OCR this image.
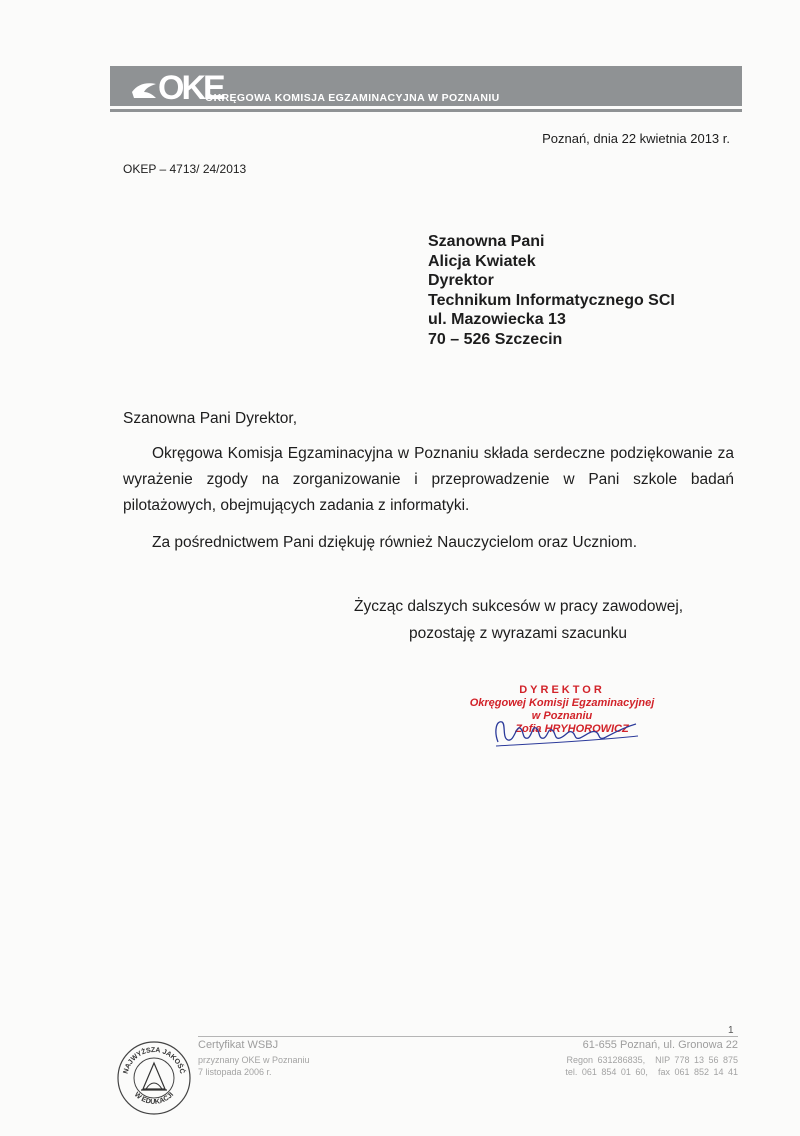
OKE
OKRĘGOWA KOMISJA EGZAMINACYJNA W POZNANIU
Poznań, dnia 22 kwietnia 2013 r.
OKEP – 4713/ 24/2013
Szanowna Pani
Alicja Kwiatek
Dyrektor
Technikum Informatycznego SCI
ul. Mazowiecka 13
70 – 526 Szczecin
Szanowna Pani Dyrektor,
Okręgowa Komisja Egzaminacyjna w Poznaniu składa serdeczne podziękowanie za wyrażenie zgody na zorganizowanie i przeprowadzenie w Pani szkole badań pilotażowych, obejmujących zadania z informatyki.
Za pośrednictwem Pani dziękuję również Nauczycielom oraz Uczniom.
Życząc dalszych sukcesów w pracy zawodowej,
pozostaję z wyrazami szacunku
DYREKTOR
Okręgowej Komisji Egzaminacyjnej
w Poznaniu
Zofia HRYHOROWICZ
1
NAJWYŻSZA JAKOŚĆ
W EDUKACJI
Certyfikat WSBJ
przyznany OKE w Poznaniu
7 listopada 2006 r.
61-655 Poznań, ul. Gronowa 22
Regon 631286835, NIP 778 13 56 875
tel. 061 854 01 60, fax 061 852 14 41
